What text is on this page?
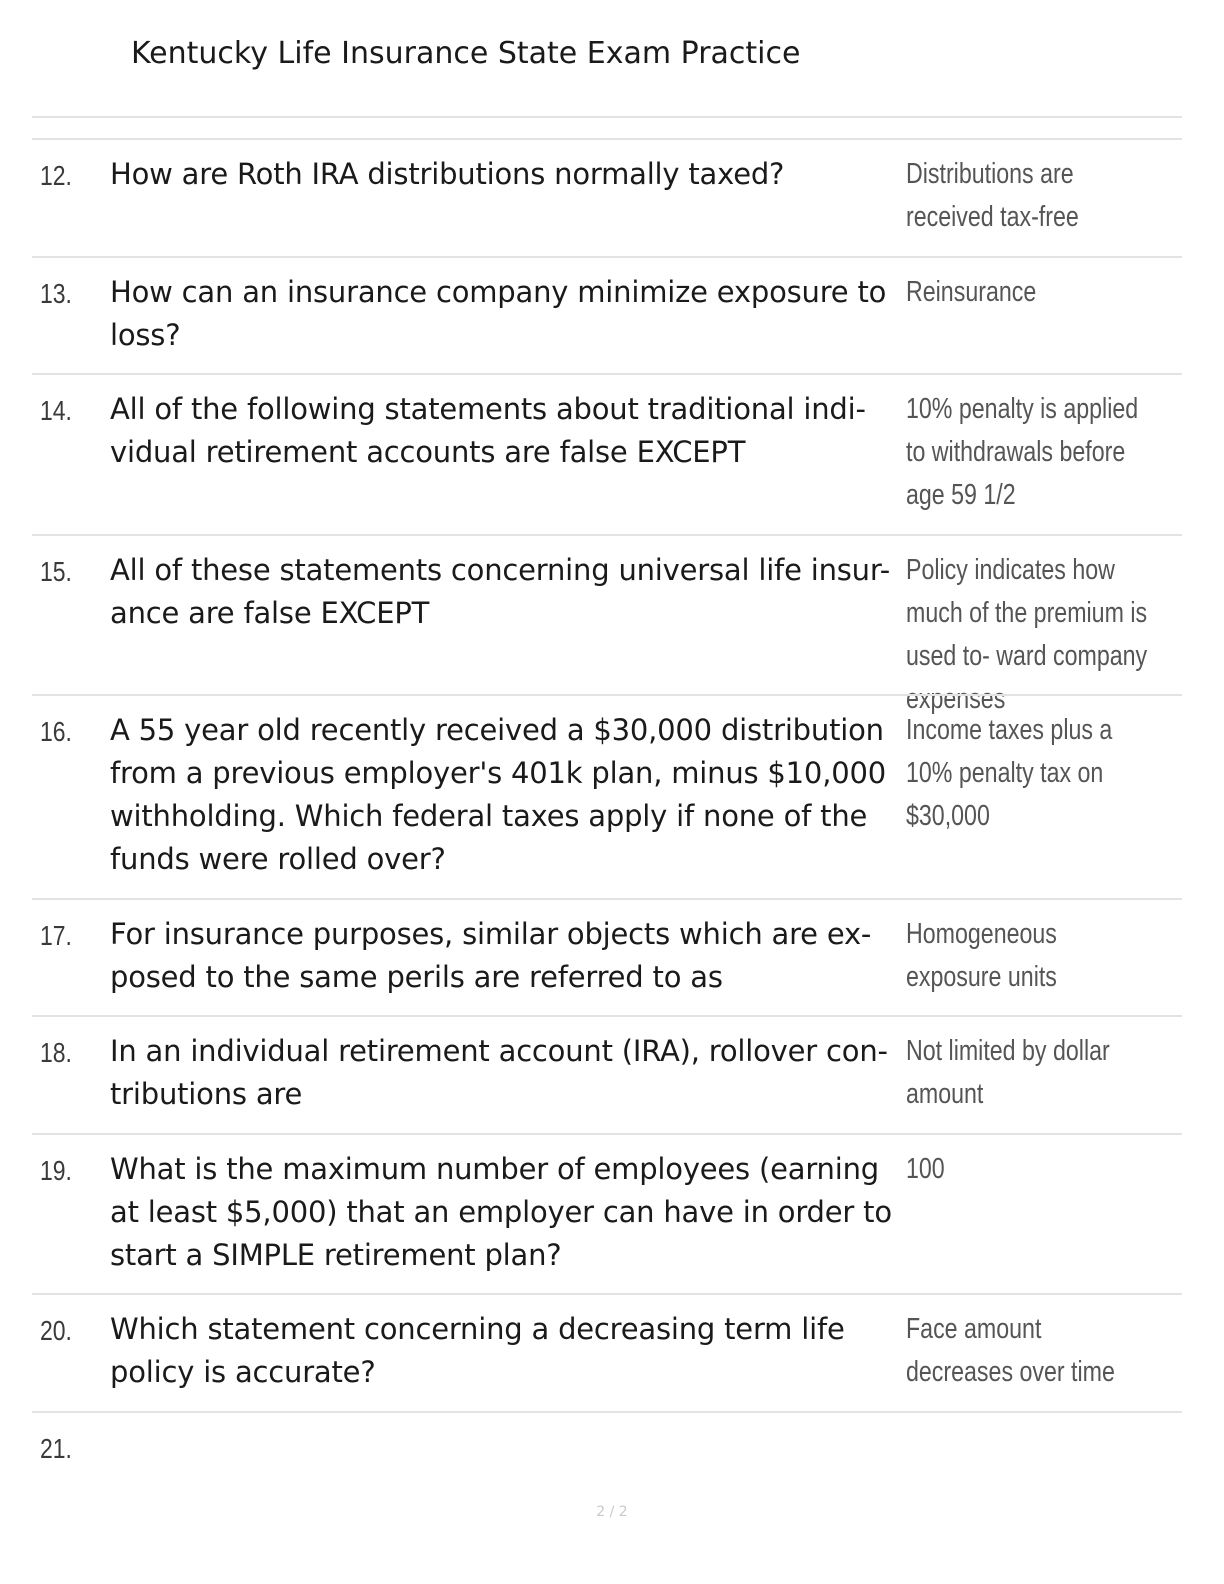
Kentucky Life Insurance State Exam Practice
12. How are Roth IRA distributions normally taxed?	Distributions are received tax-free
13. How can an insurance company minimize exposure to loss?
Reinsurance
14. All of the following statements about traditional indi- vidual retirement accounts are false EXCEPT
10% penalty is applied to withdrawals before age 59 1/2
15. All of these statements concerning universal life insur- ance are false EXCEPT
Policy indicates how much of the premium is used to- ward company expenses
16. A 55 year old recently received a $30,000 distribution from a previous employer's 401k plan, minus $10,000 withholding. Which federal taxes apply if none of the funds were rolled over?
Income taxes plus a 10% penalty tax on $30,000
17. For insurance purposes, similar objects which are ex- posed to the same perils are referred to as
Homogeneous exposure units
18. In an individual retirement account (IRA), rollover con- tributions are
Not limited by dollar amount
19. What is the maximum number of employees (earning at least $5,000) that an employer can have in order to start a SIMPLE retirement plan?
100
20. Which statement concerning a decreasing term life policy is accurate?
Face amount decreases over time
21.
2 / 2
